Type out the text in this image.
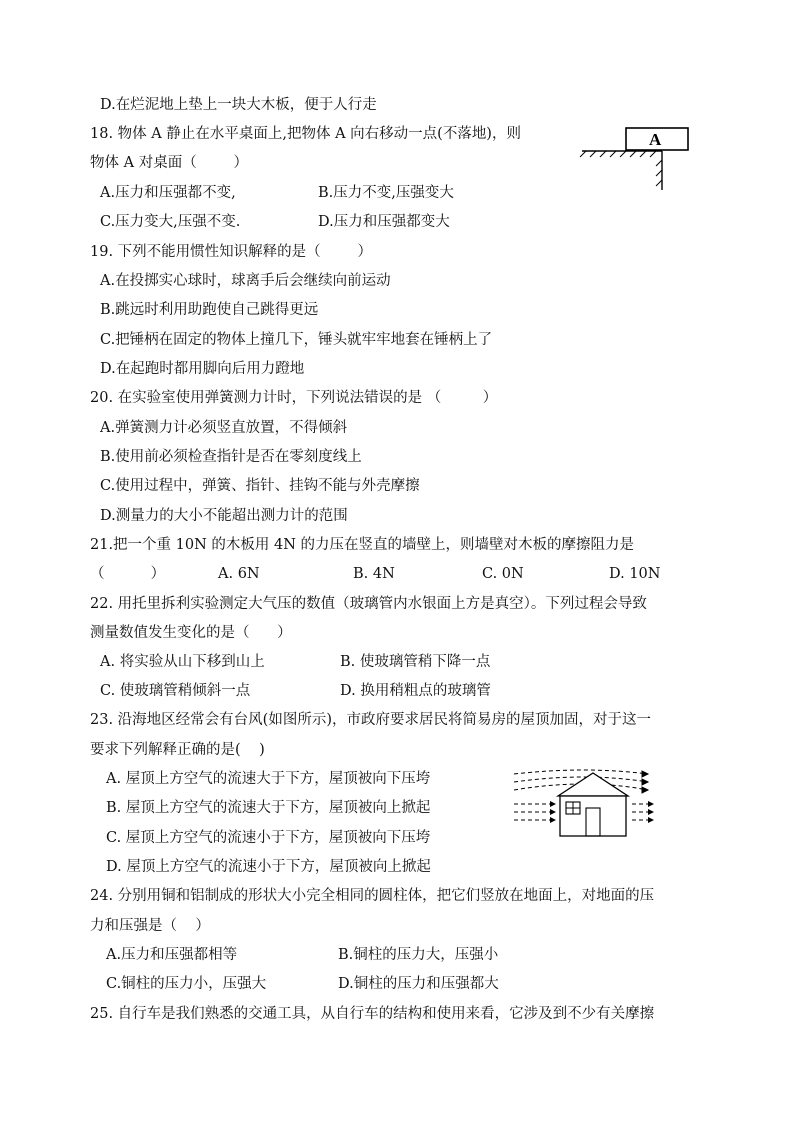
D.在烂泥地上垫上一块大木板，便于人行走
18. 物体 A 静止在水平桌面上,把物体 A 向右移动一点(不落地)，则
物体 A 对桌面（        ）
A.压力和压强都不变,	B.压力不变,压强变大
C.压力变大,压强不变.	D.压力和压强都变大
19. 下列不能用惯性知识解释的是（        ）
A.在投掷实心球时，球离手后会继续向前运动
B.跳远时利用助跑使自己跳得更远
C.把锤柄在固定的物体上撞几下，锤头就牢牢地套在锤柄上了
D.在起跑时都用脚向后用力蹬地
20. 在实验室使用弹簧测力计时，下列说法错误的是 （         ）
A.弹簧测力计必须竖直放置，不得倾斜
B.使用前必须检查指针是否在零刻度线上
C.使用过程中，弹簧、指针、挂钩不能与外壳摩擦
D.测量力的大小不能超出测力计的范围
21.把一个重 10N 的木板用 4N 的力压在竖直的墙壁上，则墙壁对木板的摩擦阻力是
（          ）	A. 6N	B. 4N	C. 0N	D. 10N
22. 用托里拆利实验测定大气压的数值（玻璃管内水银面上方是真空）。下列过程会导致
测量数值发生变化的是（      ）
A. 将实验从山下移到山上	B. 使玻璃管稍下降一点
C. 使玻璃管稍倾斜一点	D. 换用稍粗点的玻璃管
23. 沿海地区经常会有台风(如图所示)，市政府要求居民将简易房的屋顶加固，对于这一
要求下列解释正确的是(    )
A. 屋顶上方空气的流速大于下方，屋顶被向下压垮
B. 屋顶上方空气的流速大于下方，屋顶被向上掀起
C. 屋顶上方空气的流速小于下方，屋顶被向下压垮
D. 屋顶上方空气的流速小于下方，屋顶被向上掀起
24. 分别用铜和铝制成的形状大小完全相同的圆柱体，把它们竖放在地面上，对地面的压
力和压强是（    ）
A.压力和压强都相等	B.铜柱的压力大，压强小
C.铜柱的压力小，压强大	D.铜柱的压力和压强都大
25. 自行车是我们熟悉的交通工具，从自行车的结构和使用来看，它涉及到不少有关摩擦
A
